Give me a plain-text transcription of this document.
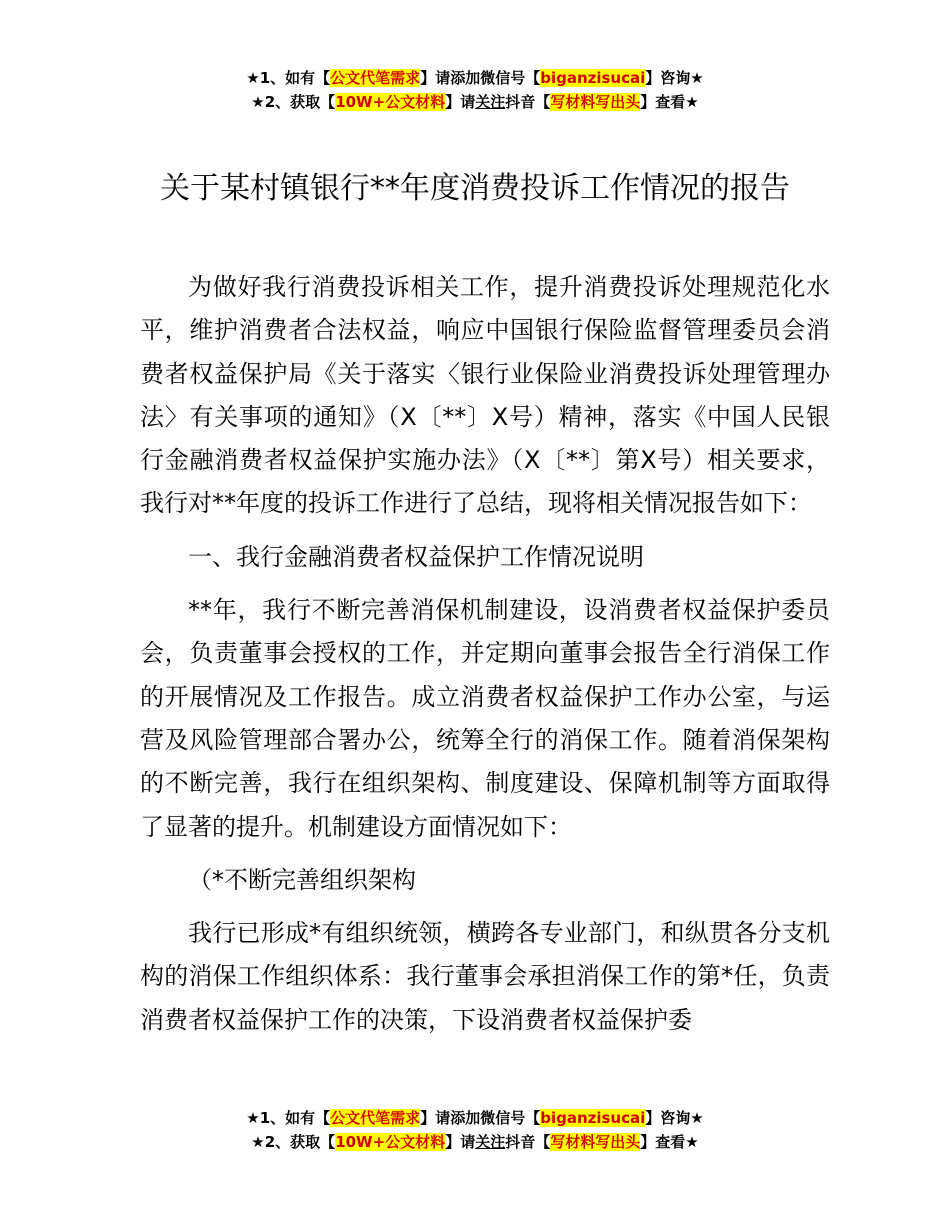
★1、如有【公文代笔需求】请添加微信号【biganzisucai】咨询★
★2、获取【10W+公文材料】请关注抖音【写材料写出头】查看★
关于某村镇银行**年度消费投诉工作情况的报告

为做好我行消费投诉相关工作，提升消费投诉处理规范化水平，维护消费者合法权益，响应中国银行保险监督管理委员会消费者权益保护局《关于落实〈银行业保险业消费投诉处理管理办法〉有关事项的通知》（X〔**〕X号）精神，落实《中国人民银行金融消费者权益保护实施办法》（X〔**〕第X号）相关要求，我行对**年度的投诉工作进行了总结，现将相关情况报告如下：

一、我行金融消费者权益保护工作情况说明

**年，我行不断完善消保机制建设，设消费者权益保护委员会，负责董事会授权的工作，并定期向董事会报告全行消保工作的开展情况及工作报告。成立消费者权益保护工作办公室，与运营及风险管理部合署办公，统筹全行的消保工作。随着消保架构的不断完善，我行在组织架构、制度建设、保障机制等方面取得了显著的提升。机制建设方面情况如下：

（*不断完善组织架构

我行已形成*有组织统领，横跨各专业部门，和纵贯各分支机构的消保工作组织体系：我行董事会承担消保工作的第*任，负责消费者权益保护工作的决策，下设消费者权益保护委

★1、如有【公文代笔需求】请添加微信号【biganzisucai】咨询★
★2、获取【10W+公文材料】请关注抖音【写材料写出头】查看★
